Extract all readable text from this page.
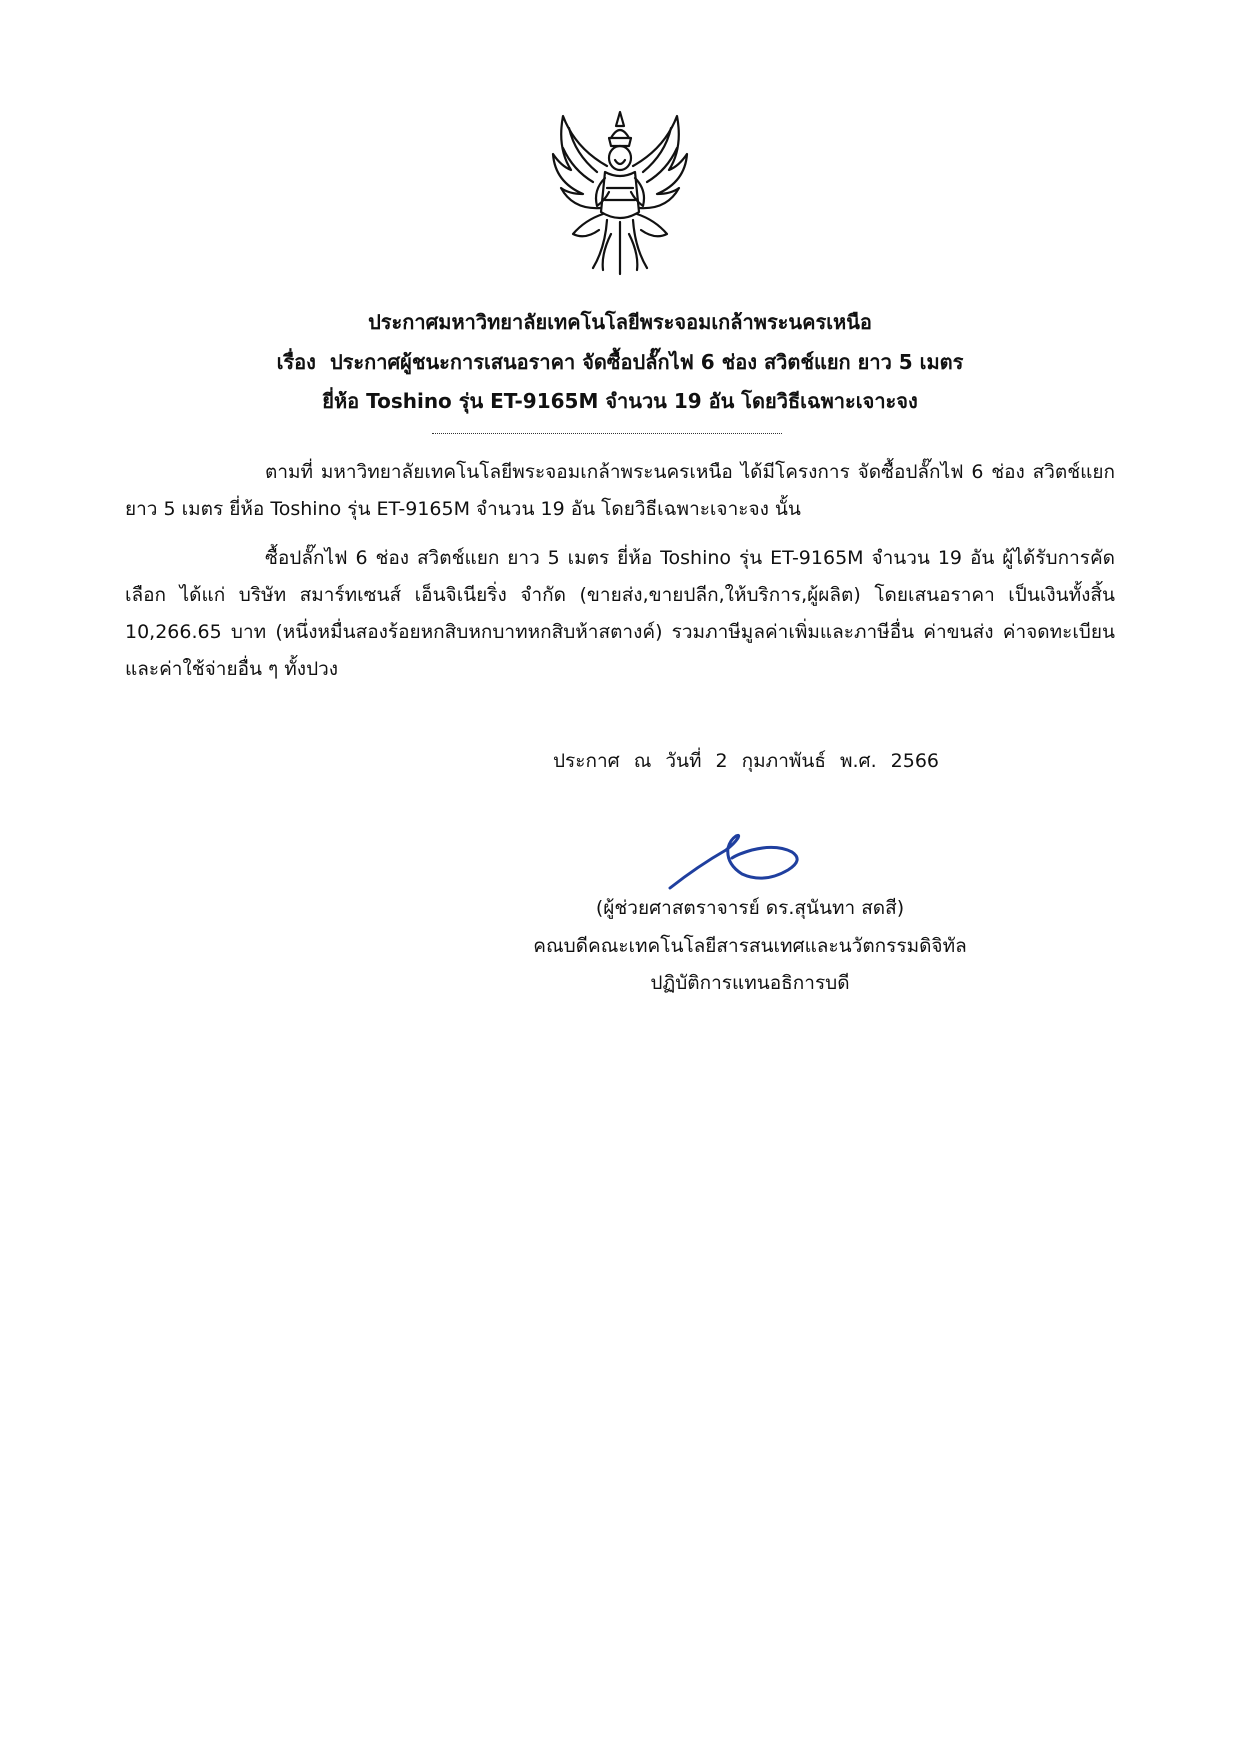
ประกาศมหาวิทยาลัยเทคโนโลยีพระจอมเกล้าพระนครเหนือ
เรื่อง ประกาศผู้ชนะการเสนอราคา จัดซื้อปลั๊กไฟ 6 ช่อง สวิตช์แยก ยาว 5 เมตร
ยี่ห้อ Toshino รุ่น ET-9165M จำนวน 19 อัน โดยวิธีเฉพาะเจาะจง
ตามที่ มหาวิทยาลัยเทคโนโลยีพระจอมเกล้าพระนครเหนือ ได้มีโครงการ จัดซื้อปลั๊กไฟ 6 ช่อง สวิตช์แยก ยาว 5 เมตร ยี่ห้อ Toshino รุ่น ET-9165M จำนวน 19 อัน โดยวิธีเฉพาะเจาะจง นั้น
ซื้อปลั๊กไฟ 6 ช่อง สวิตช์แยก ยาว 5 เมตร ยี่ห้อ Toshino รุ่น ET-9165M จำนวน 19 อัน ผู้ได้รับการคัดเลือก ได้แก่ บริษัท สมาร์ทเซนส์ เอ็นจิเนียริ่ง จำกัด (ขายส่ง,ขายปลีก,ให้บริการ,ผู้ผลิต) โดยเสนอราคา เป็นเงินทั้งสิ้น 10,266.65 บาท (หนึ่งหมื่นสองร้อยหกสิบหกบาทหกสิบห้าสตางค์) รวมภาษีมูลค่าเพิ่มและภาษีอื่น ค่าขนส่ง ค่าจดทะเบียน และค่าใช้จ่ายอื่น ๆ ทั้งปวง
ประกาศ ณ วันที่ 2 กุมภาพันธ์ พ.ศ. 2566
(ผู้ช่วยศาสตราจารย์ ดร.สุนันทา สดสี)
คณบดีคณะเทคโนโลยีสารสนเทศและนวัตกรรมดิจิทัล
ปฏิบัติการแทนอธิการบดี
